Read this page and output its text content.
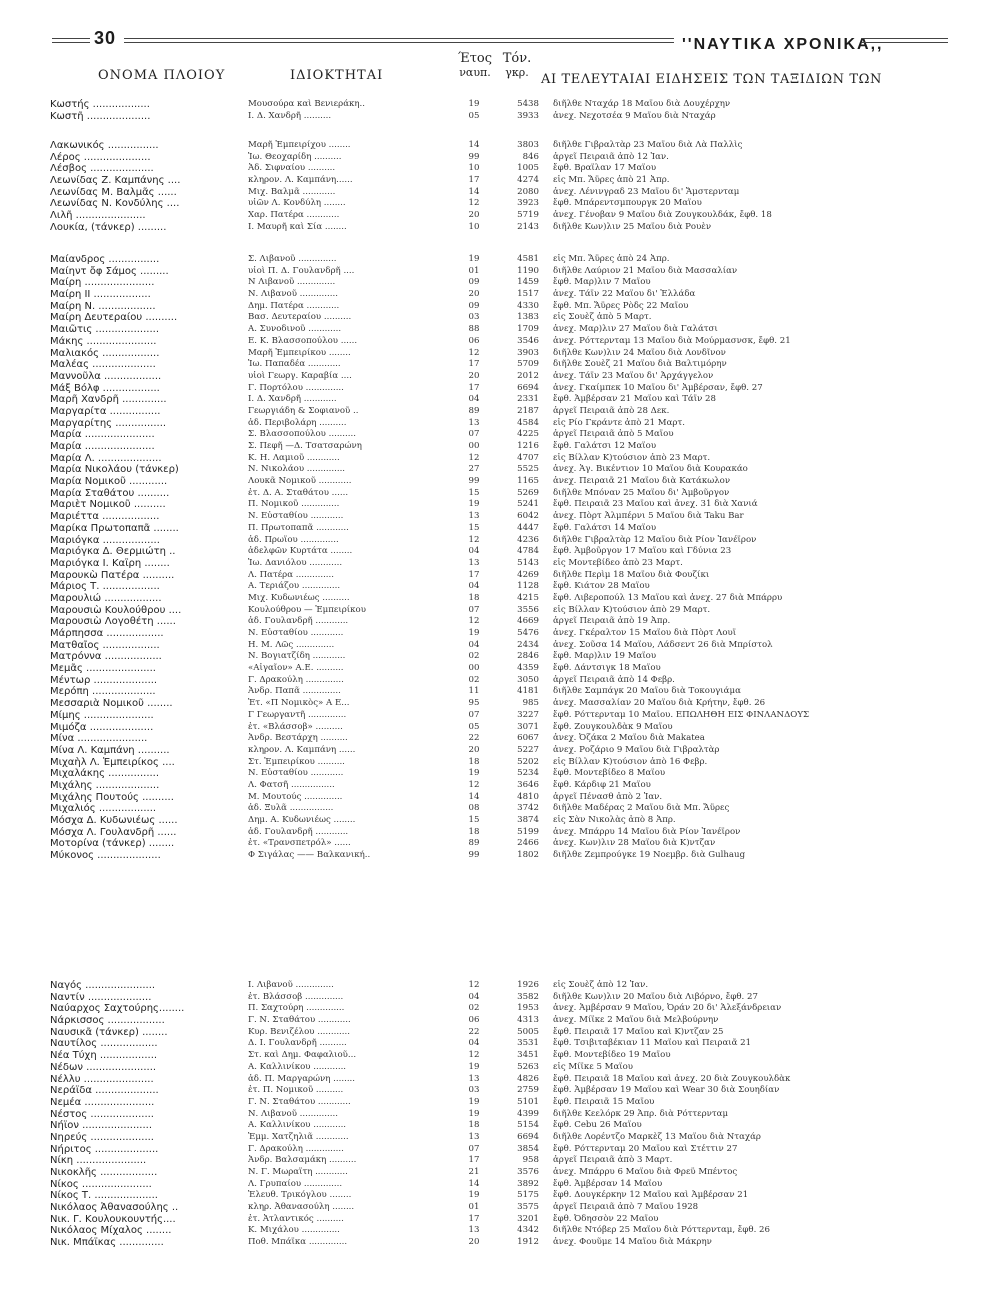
30	''ΝΑΥΤΙΚΑ ΧΡΟΝΙΚΑ,,
ΟΝΟΜΑ ΠΛΟΙΟΥ	ΙΔΙΟΚΤΗΤΑΙ
Έτος
ναυπ.
Τόν.
γκρ. ΑΙ ΤΕΛΕΥΤΑΙΑΙ ΕΙΔΗΣΕΙΣ ΤΩΝ ΤΑΞΙΔΙΩΝ ΤΩΝ
Κωστής ..................	Μουσούρα καὶ Βενιεράκη..	19	5438 διῆλθε Νταχάρ 18 Μαΐου διὰ Δουχέρχην
Κωστῆ ....................	Ι. Δ. Χανδρῆ ..........	05	3933 ἀνεχ. Νεχοτσέα 9 Μαΐου διὰ Νταχάρ
Λακωνικός ................	Μαρῆ Ἐμπειρίχου ........	14	3803 διῆλθε Γιβραλτὰρ 23 Μαΐου διὰ Λὰ Παλλὶς
Λέρος .....................	Ἰω. Θεοχαρίδη ..........	99	846 ἀργεῖ Πειραιᾶ ἀπὸ 12 Ἰαν.
Λέσβος ....................	Ἀδ. Σιφναίου ..........	10	1005 ἔφθ. Βραΐλαν 17 Μαΐου
Λεωνίδας Ζ. Καμπάνης ....	κληρον. Λ. Καμπάνη......	17	4274 εἰς Μπ. Ἄϋρες ἀπὸ 21 Ἀπρ.
Λεωνίδας Μ. Βαλμᾶς ......	Μιχ. Βαλμᾶ ............	14	2080 ἀνεχ. Λένινγραδ 23 Μαΐου δι' Ἄμστερνταμ
Λεωνίδας Ν. Κονδύλης ....	υἱῶν Λ. Κονδύλη ........	12	3923 ἔφθ. Μπάρεντσμπουργκ 20 Μαΐου
Λιλῆ ......................	Χαρ. Πατέρα ............	20	5719 ἀνεχ. Γένοβαν 9 Μαΐου διὰ Ζουγκουλδάκ, ἔφθ. 18
Λουκία, (τάνκερ) .........	Ι. Μαυρῆ καὶ Σία ........	10	2143 διῆλθε Κων)λιν 25 Μαΐου διὰ Ρουὲν
Μαίανδρος ................	Σ. Λιβανοῦ ..............	19	4581 εἰς Μπ. Ἄϋρες ἀπὸ 24 Ἀπρ.
Μαίηντ ὄφ Σάμος .........	υἱοὶ Π. Δ. Γουλανδρῆ ....	01	1190 διῆλθε Λαύριον 21 Μαΐου διὰ Μασσαλίαν
Μαίρη ......................	Ν Λιβανοῦ ..............	09	1459 ἔφθ. Μαρ)λιν 7 Μαΐου
Μαίρη ΙΙ ..................	Ν. Λιβανοῦ ..............	20	1517 ἀνεχ. Τάϊν 22 Μαΐου δι' Ἑλλάδα
Μαίρη Ν. ..................	Δημ. Πατέρα ............	09	4330 ἔφθ. Μπ. Ἄϋρες Ρὸδς 22 Μαΐου
Μαίρη Δευτεραίου ..........	Βασ. Δευτεραίου ..........	03	1383 εἰς Σουὲζ ἀπὸ 5 Μαρτ.
Μαιῶτις ....................	Α. Συνοδινοῦ ............	88	1709 ἀνεχ. Μαρ)λιν 27 Μαΐου διὰ Γαλάτσι
Μάκης ......................	Ε. Κ. Βλασσοπούλου ......	06	3546 ἀνεχ. Ρόττερνταμ 13 Μαΐου διὰ Μούρμασνσκ, ἔφθ. 21
Μαλιακός ..................	Μαρῆ Ἐμπειρίκου ........	12	3903 διῆλθε Κων)λιν 24 Μαΐου διὰ Λονδῖνον
Μαλέας ....................	Ἰω. Παπαδέα ............	17	5709 διῆλθε Σουὲζ 21 Μαΐου διὰ Βαλτιμόρην
Μαννοῦλα ..................	υἱοὶ Γεωργ. Καραβία ....	20	2012 ἀνεχ. Τάϊν 23 Μαΐου δι' Ἀρχάγγελον
Μάξ Βόλφ ..................	Γ. Πορτόλου ..............	17	6694 ἀνεχ. Γκαίμπεκ 10 Μαΐου δι' Ἀμβέρσαν, ἔφθ. 27
Μαρῆ Χανδρῆ ..............	Ι. Δ. Χανδρῆ ............	04	2331 ἔφθ. Ἀμβέρσαν 21 Μαΐου καὶ Τάϊν 28
Μαργαρίτα ................	Γεωργιάδη & Σοφιανοῦ ..	89	2187 ἀργεῖ Πειραιᾶ ἀπὸ 28 Δεκ.
Μαργαρίτης ................	ἀδ. Περιβολάρη ..........	13	4584 εἰς Ρίο Γκράντε ἀπὸ 21 Μαρτ.
Μαρία ......................	Σ. Βλασσοπούλου ..........	07	4225 ἀργεῖ Πειραιᾶ ἀπὸ 5 Μαΐου
Μαρία ......................	Σ. Πεφῆ —Δ. Τσατσαρώνη	00	1216 ἔφθ. Γαλάτσι 12 Μαΐου
Μαρία Λ. ....................	Κ. Η. Λαμιοῦ ............	12	4707 εἰς Βίλλαν Κ)τούσιον ἀπὸ 23 Μαρτ.
Μαρία Νικολάου (τάνκερ)	Ν. Νικολάου ..............	27	5525 ἀνεχ. Ἁγ. Βικέντιον 10 Μαΐου διὰ Κουρακάο
Μαρία Νομικοῦ ............	Λουκᾶ Νομικοῦ ............	99	1165 ἀνεχ. Πειραιᾶ 21 Μαΐου διὰ Κατάκωλον
Μαρία Σταθάτου ..........	ἐτ. Δ. Α. Σταθάτου ......	15	5269 διῆλθε Μπόναν 25 Μαΐου δι' Ἀμβοῦργον
Μαριὲτ Νομικοῦ ..........	Π. Νομικοῦ ..............	19	5241 ἔφθ. Πειραιᾶ 23 Μαΐου καὶ ἀνεχ. 31 διὰ Χανιά
Μαριέττα ..................	Ν. Εὐσταθίου ............	13	6042 ἀνεχ. Πὸρτ Ἀλμπέρνι 5 Μαΐου διὰ Taku Bar
Μαρίκα Πρωτοπαπᾶ ........	Π. Πρωτοπαπᾶ ............	15	4447 ἔφθ. Γαλάτσι 14 Μαΐου
Μαριόγκα ..................	ἀδ. Πρωΐου ..............	12	4236 διῆλθε Γιβραλτὰρ 12 Μαΐου διὰ Ρίον Ἰανέϊρον
Μαριόγκα Δ. Θερμιώτη ..	ἀδελφῶν Κυρτάτα ........	04	4784 ἔφθ. Ἀμβοῦργον 17 Μαΐου καὶ Γδύνια 23
Μαριόγκα Ι. Καΐρη ........	Ἰω. Δανιόλου ............	13	5143 εἰς Μοντεβίδεο ἀπὸ 23 Μαρτ.
Μαρουκὼ Πατέρα ..........	Λ. Πατέρα ..............	17	4269 διῆλθε Περὶμ 18 Μαΐου διὰ Φουζίκι
Μάριος Τ. ..................	Α. Τεριάζου ..............	04	1128 ἔφθ. Κιάτον 28 Μαΐου
Μαρουλιώ ..................	Μιχ. Κυδωνιέως ..........	18	4215 ἔφθ. Λιβεροπούλ 13 Μαΐου καὶ ἀνεχ. 27 διὰ Μπάρρυ
Μαρουσιὼ Κουλούθρου ....	Κουλούθρου — Ἐμπειρίκου	07	3556 εἰς Βίλλαν Κ)τούσιον ἀπὸ 29 Μαρτ.
Μαρουσιὼ Λογοθέτη ......	ἀδ. Γουλανδρῆ ............	12	4669 ἀργεῖ Πειραιᾶ ἀπὸ 19 Ἀπρ.
Μάρπησσα ..................	Ν. Εὐσταθίου ............	19	5476 ἀνεχ. Γκέραλτον 15 Μαΐου διὰ Πὸρτ Λουΐ
Ματθαῖος ..................	Η. Μ. Λῶς ..............	04	2434 ἀνεχ. Σοῦσα 14 Μαΐου, Λάδσεντ 26 διὰ Μπρίστολ
Ματρόννα ..................	Ν. Βογιατζίδη ............	02	2846 ἔφθ. Μαρ)λιν 19 Μαΐου
Μεμᾶς ......................	«Αἰγαῖον» Α.Ε. ..........	00	4359 ἔφθ. Δάντσιγκ 18 Μαΐου
Μέντωρ ....................	Γ. Δρακούλη ..............	02	3050 ἀργεῖ Πειραιᾶ ἀπὸ 14 Φεβρ.
Μερόπη ....................	Ἀνδρ. Παπᾶ ..............	11	4181 διῆλθε Σαμπάγκ 20 Μαΐου διὰ Τοκουγιάμα
Μεσσαριὰ Νομικοῦ ........	Ἐτ. «Π Νομικὸς» Α Ε...	95	985 ἀνεχ. Μασσαλίαν 20 Μαΐου διὰ Κρήτην, ἔφθ. 26
Μίμης ......................	Γ Γεωργαντῆ ..............	07	3227 ἔφθ. Ρόττερνταμ 10 Μαΐου. ΕΠΩΛΗΘΗ ΕΙΣ ΦΙΝΛΑΝΔΟΥΣ
Μιμόζα ....................	ἐτ. «Βλάσσοβ» ..........	05	3071 ἔφθ. Ζουγκουλδὰκ 9 Μαΐου
Μίνα ......................	Ἀνδρ. Βεστάρχη ..........	22	6067 ἀνεχ. Ὀζάκα 2 Μαΐου διὰ Makatea
Μίνα Λ. Καμπάνη ..........	κληρον. Λ. Καμπάνη ......	20	5227 ἀνεχ. Ροζάριο 9 Μαΐου διὰ Γιβραλτὰρ
Μιχαὴλ Λ. Ἐμπειρίκος ....	Στ. Ἐμπειρίκου ..........	18	5202 εἰς Βίλλαν Κ)τούσιον ἀπὸ 16 Φεβρ.
Μιχαλάκης ................	Ν. Εὐσταθίου ............	19	5234 ἔφθ. Μοντεβίδεο 8 Μαΐου
Μιχάλης ....................	Λ. Φατσῆ ................	12	3646 ἔφθ. Κάρδιφ 21 Μαΐου
Μιχάλης Πουτούς ..........	Μ. Μουτούς ..............	14	4810 ἀργεῖ Πένασθ ἀπὸ 2 Ἰαν.
Μιχαλιός ..................	ἀδ. Ξυλᾶ ................	08	3742 διῆλθε Μαδέρας 2 Μαΐου διὰ Μπ. Ἄϋρες
Μόσχα Δ. Κυδωνιέως ......	Δημ. Α. Κυδωνιέως ........	15	3874 εἰς Σὰν Νικολὰς ἀπὸ 8 Ἀπρ.
Μόσχα Λ. Γουλανδρῆ ......	ἀδ. Γουλανδρῆ ............	18	5199 ἀνεχ. Μπάρρυ 14 Μαΐου διὰ Ρίον Ἰανέϊρον
Μοτορίνα (τάνκερ) ........	ἐτ. «Τρανσπετρόλ» ......	89	2466 ἀνεχ. Κων)λιν 28 Μαΐου διὰ Κ)ντζαν
Μύκονος ....................	Φ Σιγάλας —— Βαλκανική..	99	1802 διῆλθε Ζεμπρούγκε 19 Νοεμβρ. διὰ Gulhaug
Ναγός ......................	Ι. Λιβανοῦ ..............	12	1926 εἰς Σουὲζ ἀπὸ 12 Ἰαν.
Ναντίν ....................	ἐτ. Βλάσσοβ ..............	04	3582 διῆλθε Κων)λιν 20 Μαΐου διὰ Λιβόρνο, ἔφθ. 27
Ναύαρχος Σαχτούρης........	Π. Σαχτούρη ..............	02	1953 ἀνεχ. Ἀμβέρσαν 9 Μαΐου, Ὀράν 20 δι' Ἀλεξάνδρειαν
Νάρκισσος ..................	Γ. Ν. Σταθάτου ............	06	4313 ἀνεχ. Μίϊκε 2 Μαΐου διὰ Μελβούρνην
Ναυσικᾶ (τάνκερ) ........	Κυρ. Βενιζέλου ............	22	5005 ἔφθ. Πειραιᾶ 17 Μαΐου καὶ Κ)ντζαν 25
Ναυτίλος ..................	Δ. Ι. Γουλανδρῆ ..........	04	3531 ἔφθ. Τσιβιταβέκιαν 11 Μαΐου καὶ Πειραιᾶ 21
Νέα Τύχη ..................	Στ. καὶ Δημ. Φαφαλιοῦ...	12	3451 ἔφθ. Μοντεβίδεο 19 Μαΐου
Νέδων ......................	Α. Καλλινίκου ............	19	5263 εἰς Μίϊκε 5 Μαΐου
Νέλλυ ......................	ἀδ. Π. Μαργαρώνη ........	13	4826 ἔφθ. Πειραιᾶ 18 Μαΐου καὶ ἀνεχ. 20 διὰ Ζουγκουλδὰκ
Νεράϊδα ....................	ἐτ. Π. Νομικοῦ ..........	03	2759 ἔφθ. Ἀμβέρσαν 19 Μαΐου καὶ Wear 30 διὰ Σουηδίαν
Νεμέα ......................	Γ. Ν. Σταθάτου ............	19	5101 ἔφθ. Πειραιᾶ 15 Μαΐου
Νέστος ....................	Ν. Λιβανοῦ ..............	19	4399 διῆλθε Κεελόρκ 29 Ἀπρ. διὰ Ρόττερνταμ
Νήϊον ......................	Α. Καλλινίκου ............	18	5154 ἔφθ. Cebu 26 Μαΐου
Νηρεύς ....................	Ἐμμ. Χατζηλιᾶ ............	13	6694 διῆλθε Λορέντζο Μαρκὲζ 13 Μαΐου διὰ Νταχάρ
Νήριτος ....................	Γ. Δρακούλη ..............	07	3854 ἔφθ. Ρόττερνταμ 20 Μαΐου καὶ Στέττιν 27
Νίκη ......................	Ἀνδρ. Βαλσαμάκη ..........	17	958 ἀργεῖ Πειραιᾶ ἀπὸ 3 Μαρτ.
Νικοκλῆς ..................	Ν. Γ. Μωραΐτη ............	21	3576 ἀνεχ. Μπάρρυ 6 Μαΐου διὰ Φρεϋ Μπέντος
Νίκος ......................	Λ. Γρυπαίου ..............	14	3892 ἔφθ. Ἀμβέρσαν 14 Μαΐου
Νίκος Τ. ....................	Ἐλευθ. Τρικόγλου ........	19	5175 ἔφθ. Δουγκέρκην 12 Μαΐου καὶ Ἀμβέρσαν 21
Νικόλαος Ἀθανασούλης ..	κληρ. Ἀθανασούλη ........	01	3575 ἀργεῖ Πειραιᾶ ἀπὸ 7 Μαΐου 1928
Νικ. Γ. Κουλουκουντής....	ἐτ. Ἀτλαντικός ..........	17	3201 ἔφθ. Ὀδησσὸν 22 Μαΐου
Νικόλαος Μίχαλος ........	Κ. Μιχάλου ..............	13	4342 διῆλθε Ντόβερ 25 Μαΐου διὰ Ρόττερνταμ, ἔφθ. 26
Νικ. Μπάϊκας ..............	Ποθ. Μπάϊκα ..............	20	1912 ἀνεχ. Φουῦμε 14 Μαΐου διὰ Μάκρην
